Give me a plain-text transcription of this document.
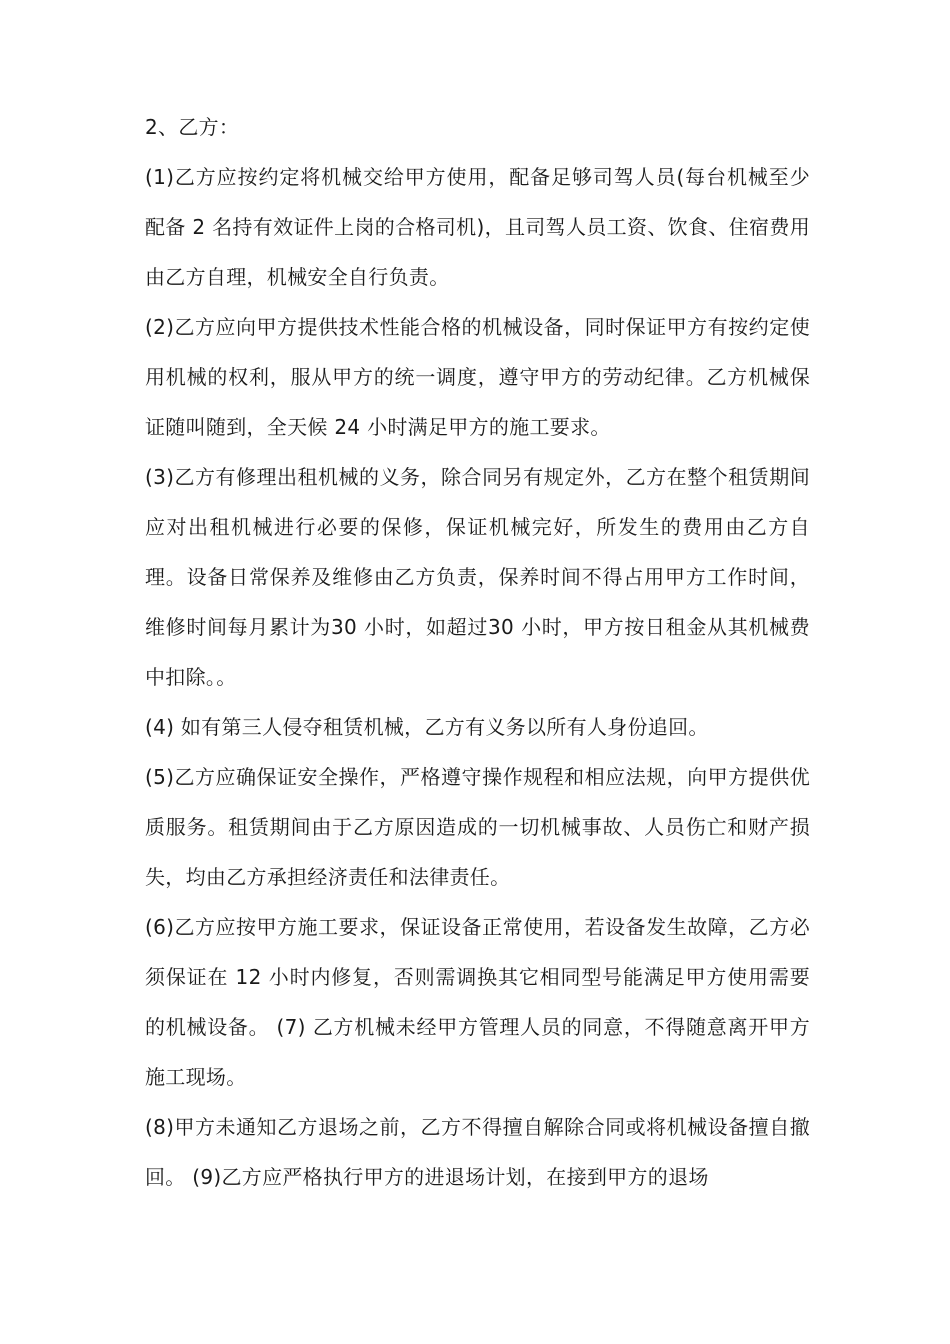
2、乙方：

(1)乙方应按约定将机械交给甲方使用，配备足够司驾人员(每台机械至少配备 2 名持有效证件上岗的合格司机)，且司驾人员工资、饮食、住宿费用由乙方自理，机械安全自行负责。

(2)乙方应向甲方提供技术性能合格的机械设备，同时保证甲方有按约定使用机械的权利，服从甲方的统一调度，遵守甲方的劳动纪律。乙方机械保证随叫随到，全天候 24 小时满足甲方的施工要求。

(3)乙方有修理出租机械的义务，除合同另有规定外，乙方在整个租赁期间应对出租机械进行必要的保修，保证机械完好，所发生的费用由乙方自理。设备日常保养及维修由乙方负责，保养时间不得占用甲方工作时间，维修时间每月累计为30 小时，如超过30 小时，甲方按日租金从其机械费中扣除。。

(4) 如有第三人侵夺租赁机械，乙方有义务以所有人身份追回。

(5)乙方应确保证安全操作，严格遵守操作规程和相应法规，向甲方提供优质服务。租赁期间由于乙方原因造成的一切机械事故、人员伤亡和财产损失，均由乙方承担经济责任和法律责任。

(6)乙方应按甲方施工要求，保证设备正常使用，若设备发生故障，乙方必须保证在 12 小时内修复，否则需调换其它相同型号能满足甲方使用需要的机械设备。 (7) 乙方机械未经甲方管理人员的同意，不得随意离开甲方施工现场。

(8)甲方未通知乙方退场之前，乙方不得擅自解除合同或将机械设备擅自撤回。 (9)乙方应严格执行甲方的进退场计划，在接到甲方的退场
